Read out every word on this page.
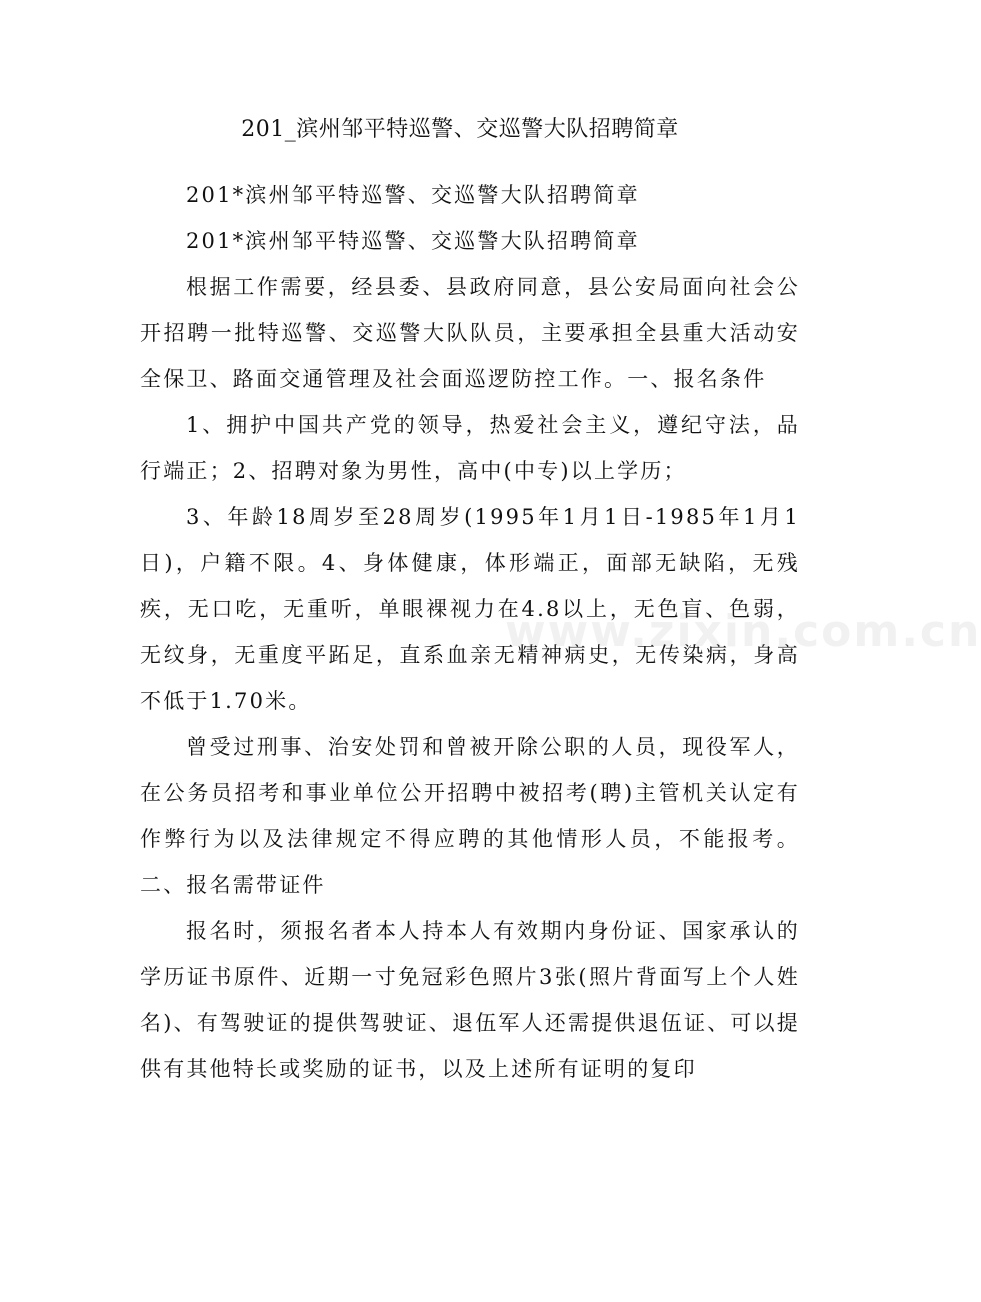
201_滨州邹平特巡警、交巡警大队招聘简章

201*滨州邹平特巡警、交巡警大队招聘简章

201*滨州邹平特巡警、交巡警大队招聘简章

根据工作需要，经县委、县政府同意，县公安局面向社会公开招聘一批特巡警、交巡警大队队员，主要承担全县重大活动安全保卫、路面交通管理及社会面巡逻防控工作。一、报名条件

1、拥护中国共产党的领导，热爱社会主义，遵纪守法，品行端正；2、招聘对象为男性，高中(中专)以上学历；

3、年龄18周岁至28周岁(1995年1月1日-1985年1月1日)，户籍不限。4、身体健康，体形端正，面部无缺陷，无残疾，无口吃，无重听，单眼裸视力在4.8以上，无色盲、色弱，无纹身，无重度平跖足，直系血亲无精神病史，无传染病，身高不低于1.70米。

曾受过刑事、治安处罚和曾被开除公职的人员，现役军人，在公务员招考和事业单位公开招聘中被招考(聘)主管机关认定有作弊行为以及法律规定不得应聘的其他情形人员，不能报考。二、报名需带证件

报名时，须报名者本人持本人有效期内身份证、国家承认的学历证书原件、近期一寸免冠彩色照片3张(照片背面写上个人姓名)、有驾驶证的提供驾驶证、退伍军人还需提供退伍证、可以提供有其他特长或奖励的证书，以及上述所有证明的复印

www.zixin.com.cn
